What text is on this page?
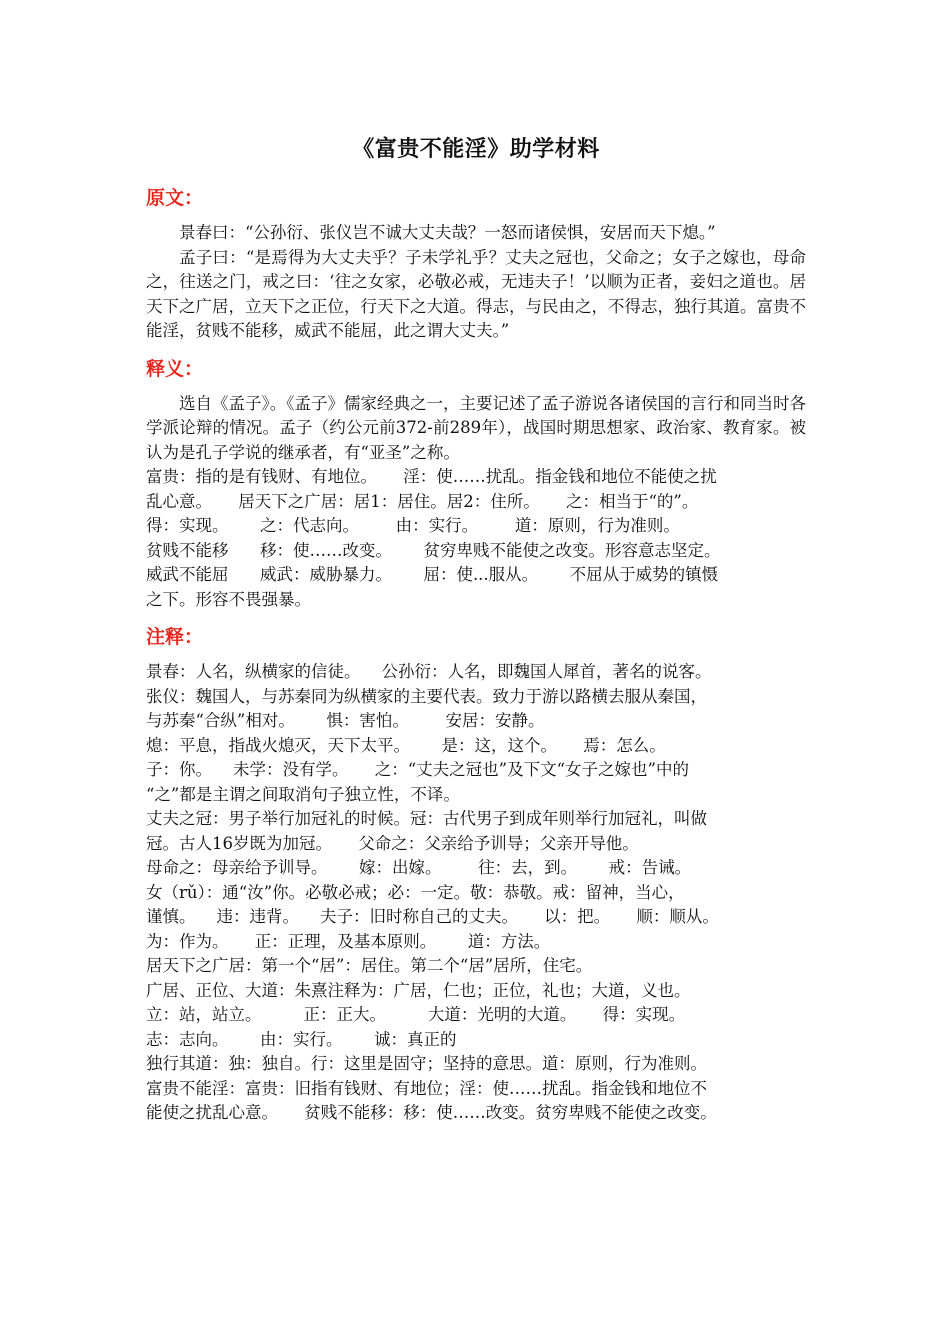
《富贵不能淫》助学材料
原文：

景春曰：“公孙衍、张仪岂不诚大丈夫哉？一怒而诸侯惧，安居而天下熄。”

孟子曰：“是焉得为大丈夫乎？子未学礼乎？丈夫之冠也，父命之；女子之嫁也，母命之，往送之门，戒之曰：‘往之女家，必敬必戒，无违夫子！’以顺为正者，妾妇之道也。居天下之广居，立天下之正位，行天下之大道。得志，与民由之，不得志，独行其道。富贵不能淫，贫贱不能移，威武不能屈，此之谓大丈夫。”

释义：

选自《孟子》。《孟子》儒家经典之一，主要记述了孟子游说各诸侯国的言行和同当时各学派论辩的情况。孟子（约公元前372-前289年），战国时期思想家、政治家、教育家。被认为是孔子学说的继承者，有“亚圣”之称。

富贵：指的是有钱财、有地位。     淫：使……扰乱。指金钱和地位不能使之扰

乱心意。     居天下之广居：居1：居住。居2：住所。     之：相当于“的”。

得：实现。      之：代志向。       由：实行。       道：原则，行为准则。

贫贱不能移      移：使……改变。      贫穷卑贱不能使之改变。形容意志坚定。

威武不能屈      威武：威胁暴力。      屈：使...服从。      不屈从于威势的镇慑

之下。形容不畏强暴。

注释：

景春：人名，纵横家的信徒。    公孙衍：人名，即魏国人犀首，著名的说客。

张仪：魏国人，与苏秦同为纵横家的主要代表。致力于游以路横去服从秦国，

与苏秦“合纵”相对。      惧：害怕。       安居：安静。

熄：平息，指战火熄灭，天下太平。      是：这，这个。     焉：怎么。

子：你。    未学：没有学。     之：“丈夫之冠也”及下文“女子之嫁也”中的

“之”都是主谓之间取消句子独立性，不译。

丈夫之冠：男子举行加冠礼的时候。冠：古代男子到成年则举行加冠礼，叫做

冠。古人16岁既为加冠。     父命之：父亲给予训导；父亲开导他。

母命之：母亲给予训导。      嫁：出嫁。       往：去，到。      戒：告诫。

女（rǔ）：通“汝”你。必敬必戒；必：一定。敬：恭敬。戒：留神，当心，

谨慎。    违：违背。    夫子：旧时称自己的丈夫。     以：把。     顺：顺从。

为：作为。     正：正理，及基本原则。      道：方法。

居天下之广居：第一个“居”：居住。第二个“居”居所，住宅。

广居、正位、大道：朱熹注释为：广居，仁也；正位，礼也；大道，义也。

立：站，站立。        正：正大。        大道：光明的大道。     得：实现。

志：志向。      由：实行。      诚：真正的

独行其道：独：独自。行：这里是固守；坚持的意思。道：原则，行为准则。

富贵不能淫：富贵：旧指有钱财、有地位；淫：使……扰乱。指金钱和地位不

能使之扰乱心意。     贫贱不能移：移：使……改变。贫穷卑贱不能使之改变。
